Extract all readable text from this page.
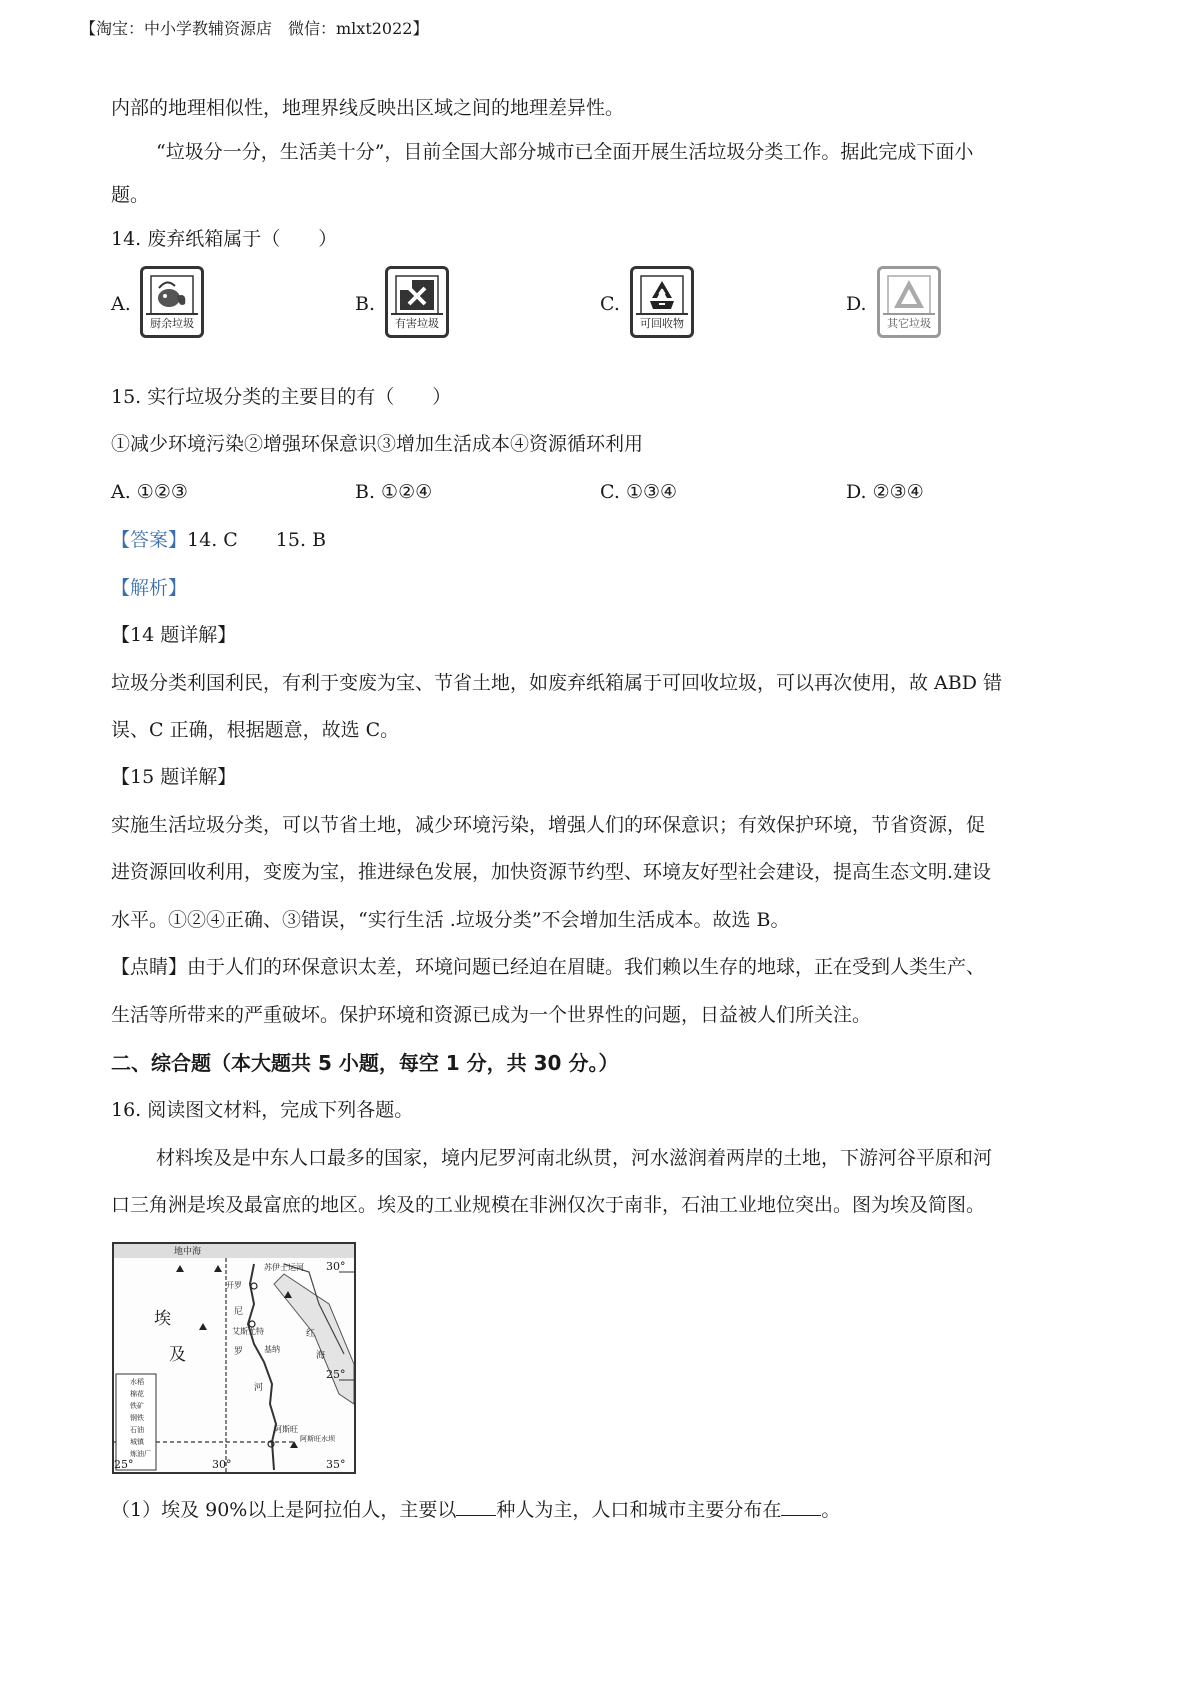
【淘宝：中小学教辅资源店　微信：mlxt2022】
内部的地理相似性，地理界线反映出区域之间的地理差异性。
“垃圾分一分，生活美十分”，目前全国大部分城市已全面开展生活垃圾分类工作。据此完成下面小
题。
14. 废弃纸箱属于（　　）
A.
厨余垃圾
B.
有害垃圾
C.
可回收物
D.
其它垃圾
15. 实行垃圾分类的主要目的有（　　）
①减少环境污染②增强环保意识③增加生活成本④资源循环利用
A. ①②③	B. ①②④	C. ①③④	D. ②③④
【答案】14. C　　15. B
【解析】
【14 题详解】
垃圾分类利国利民，有利于变废为宝、节省土地，如废弃纸箱属于可回收垃圾，可以再次使用，故 ABD 错
误、C 正确，根据题意，故选 C。
【15 题详解】
实施生活垃圾分类，可以节省土地，减少环境污染，增强人们的环保意识；有效保护环境，节省资源，促
进资源回收利用，变废为宝，推进绿色发展，加快资源节约型、环境友好型社会建设，提高生态文明.建设
水平。①②④正确、③错误，“实行生活 .垃圾分类”不会增加生活成本。故选 B。
【点睛】由于人们的环保意识太差，环境问题已经迫在眉睫。我们赖以生存的地球，正在受到人类生产、
生活等所带来的严重破坏。保护环境和资源已成为一个世界性的问题，日益被人们所关注。
二、综合题（本大题共 5 小题，每空 1 分，共 30 分。）
16. 阅读图文材料，完成下列各题。
材料埃及是中东人口最多的国家，境内尼罗河南北纵贯，河水滋润着两岸的土地，下游河谷平原和河
口三角洲是埃及最富庶的地区。埃及的工业规模在非洲仅次于南非，石油工业地位突出。图为埃及简图。
埃
及
地中海
苏伊士运河
红
海
尼
罗
河
开罗
艾斯尤特
基纳
阿斯旺
阿斯旺水坝
30°
25°
25°	30°	35°
水稻
棉花
铁矿
钢铁
石油
城镇
炼油厂
（1）埃及 90%以上是阿拉伯人，主要以 种人为主，人口和城市主要分布在 。
